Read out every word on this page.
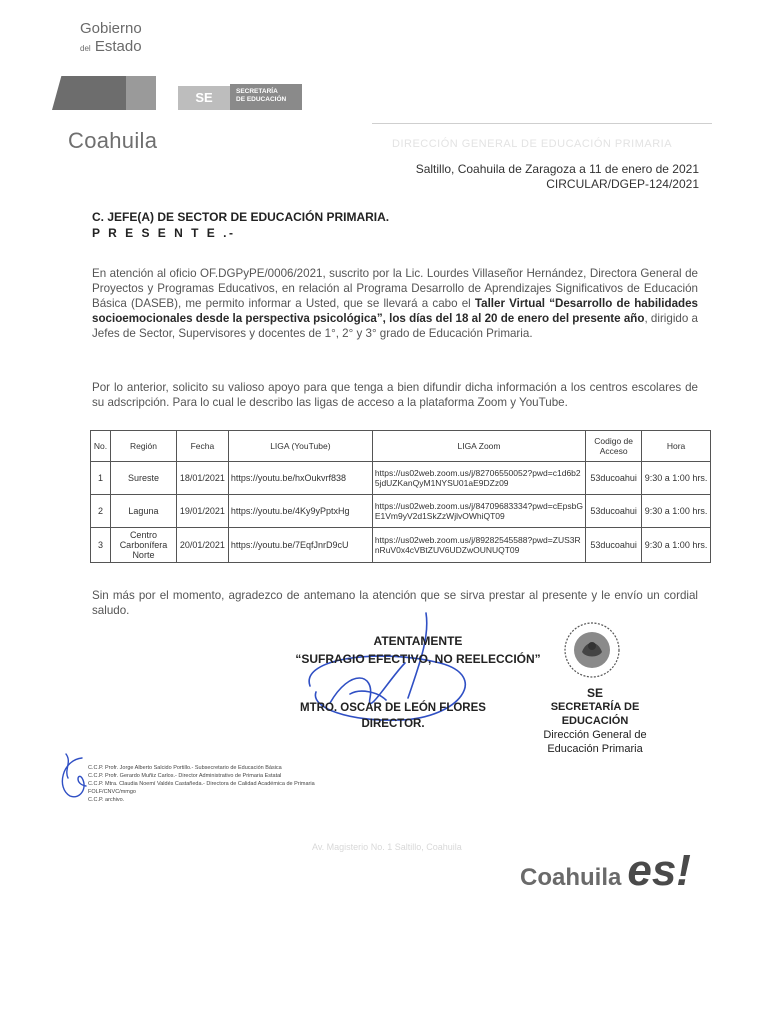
Gobierno
del Estado
SE	SECRETARÍA
DE EDUCACIÓN
Coahuila	DIRECCIÓN GENERAL DE EDUCACIÓN PRIMARIA
Saltillo, Coahuila de Zaragoza a 11 de enero de 2021
CIRCULAR/DGEP-124/2021
C. JEFE(A) DE SECTOR DE EDUCACIÓN PRIMARIA.
P R E S E N T E .-
En atención al oficio OF.DGPyPE/0006/2021, suscrito por la Lic. Lourdes Villaseñor Hernández, Directora General de Proyectos y Programas Educativos, en relación al Programa Desarrollo de Aprendizajes Significativos de Educación Básica (DASEB), me permito informar a Usted, que se llevará a cabo el Taller Virtual “Desarrollo de habilidades socioemocionales desde la perspectiva psicológica”, los días del 18 al 20 de enero del presente año, dirigido a Jefes de Sector, Supervisores y docentes de 1°, 2° y 3° grado de Educación Primaria.
Por lo anterior, solicito su valioso apoyo para que tenga a bien difundir dicha información a los centros escolares de su adscripción. Para lo cual le describo las ligas de acceso a la plataforma Zoom y YouTube.
No.	Región	Fecha	LIGA (YouTube)	LIGA Zoom	Codigo de Acceso	Hora
1	Sureste	18/01/2021	https://youtu.be/hxOukvrf838	https://us02web.zoom.us/j/82706550052?pwd=c1d6b25jdUZKanQyM1NYSU01aE9DZz09	53ducoahui	9:30 a 1:00 hrs.
2	Laguna	19/01/2021	https://youtu.be/4Ky9yPptxHg	https://us02web.zoom.us/j/84709683334?pwd=cEpsbGE1Vm9yV2d1SkZzWjlvOWhiQT09	53ducoahui	9:30 a 1:00 hrs.
3	Centro Carbonífera Norte	20/01/2021	https://youtu.be/7EqfJnrD9cU	https://us02web.zoom.us/j/89282545588?pwd=ZUS3RnRuV0x4cVBtZUV6UDZwOUNUQT09	53ducoahui	9:30 a 1:00 hrs.
Sin más por el momento, agradezco de antemano la atención que se sirva prestar al presente y le envío un cordial saludo.
ATENTAMENTE
“SUFRAGIO EFECTIVO, NO REELECCIÓN”
MTRO. OSCAR DE LEÓN FLORES
DIRECTOR.
SE
SECRETARÍA DE EDUCACIÓN
Dirección General de
Educación Primaria
C.C.P. Profr. Jorge Alberto Salcido Portillo.- Subsecretario de Educación Básica
C.C.P. Profr. Gerardo Muñiz Carlos.- Director Administrativo de Primaria Estatal
C.C.P. Mtra. Claudia Noemí Valdés Castañeda.- Directora de Calidad Académica de Primaria
FOLF/CNVC/mmgo
C.C.P. archivo.
Av. Magisterio No. 1 Saltillo, Coahuila
Coahuila es!
